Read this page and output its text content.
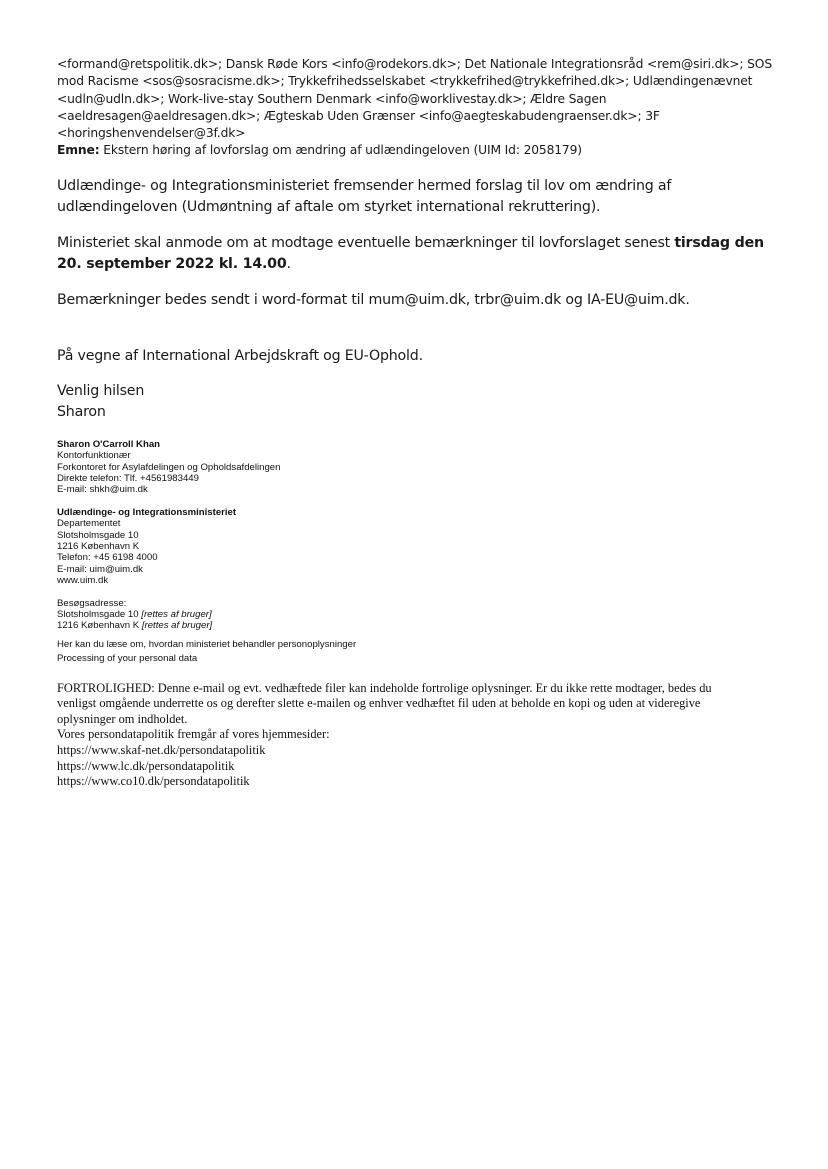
<formand@retspolitik.dk>; Dansk Røde Kors <info@rodekors.dk>; Det Nationale Integrationsråd <rem@siri.dk>; SOS

mod Racisme <sos@sosracisme.dk>; Trykkefrihedsselskabet <trykkefrihed@trykkefrihed.dk>; Udlændingenævnet

<udln@udln.dk>; Work-live-stay Southern Denmark <info@worklivestay.dk>; Ældre Sagen

<aeldresagen@aeldresagen.dk>; Ægteskab Uden Grænser <info@aegteskabudengraenser.dk>; 3F

<horingshenvendelser@3f.dk>

Emne: Ekstern høring af lovforslag om ændring af udlændingeloven (UIM Id: 2058179)

Udlændinge- og Integrationsministeriet fremsender hermed forslag til lov om ændring af udlændingeloven (Udmøntning af aftale om styrket international rekruttering).

Ministeriet skal anmode om at modtage eventuelle bemærkninger til lovforslaget senest tirsdag den 20. september 2022 kl. 14.00.

Bemærkninger bedes sendt i word-format til mum@uim.dk, trbr@uim.dk og IA-EU@uim.dk.

På vegne af International Arbejdskraft og EU-Ophold.

Venlig hilsen

Sharon

Sharon O'Carroll Khan

Kontorfunktionær

Forkontoret for Asylafdelingen og Opholdsafdelingen

Direkte telefon: Tlf. +4561983449

E-mail: shkh@uim.dk

Udlændinge- og Integrationsministeriet

Departementet

Slotsholmsgade 10

1216 København K

Telefon: +45 6198 4000

E-mail: uim@uim.dk

www.uim.dk

Besøgsadresse:

Slotsholmsgade 10 [rettes af bruger]

1216 København K [rettes af bruger]

Her kan du læse om, hvordan ministeriet behandler personoplysninger

Processing of your personal data

FORTROLIGHED: Denne e-mail og evt. vedhæftede filer kan indeholde fortrolige oplysninger. Er du ikke rette modtager, bedes du

venligst omgående underrette os og derefter slette e-mailen og enhver vedhæftet fil uden at beholde en kopi og uden at videregive

oplysninger om indholdet.

Vores persondatapolitik fremgår af vores hjemmesider:

https://www.skaf-net.dk/persondatapolitik

https://www.lc.dk/persondatapolitik

https://www.co10.dk/persondatapolitik
